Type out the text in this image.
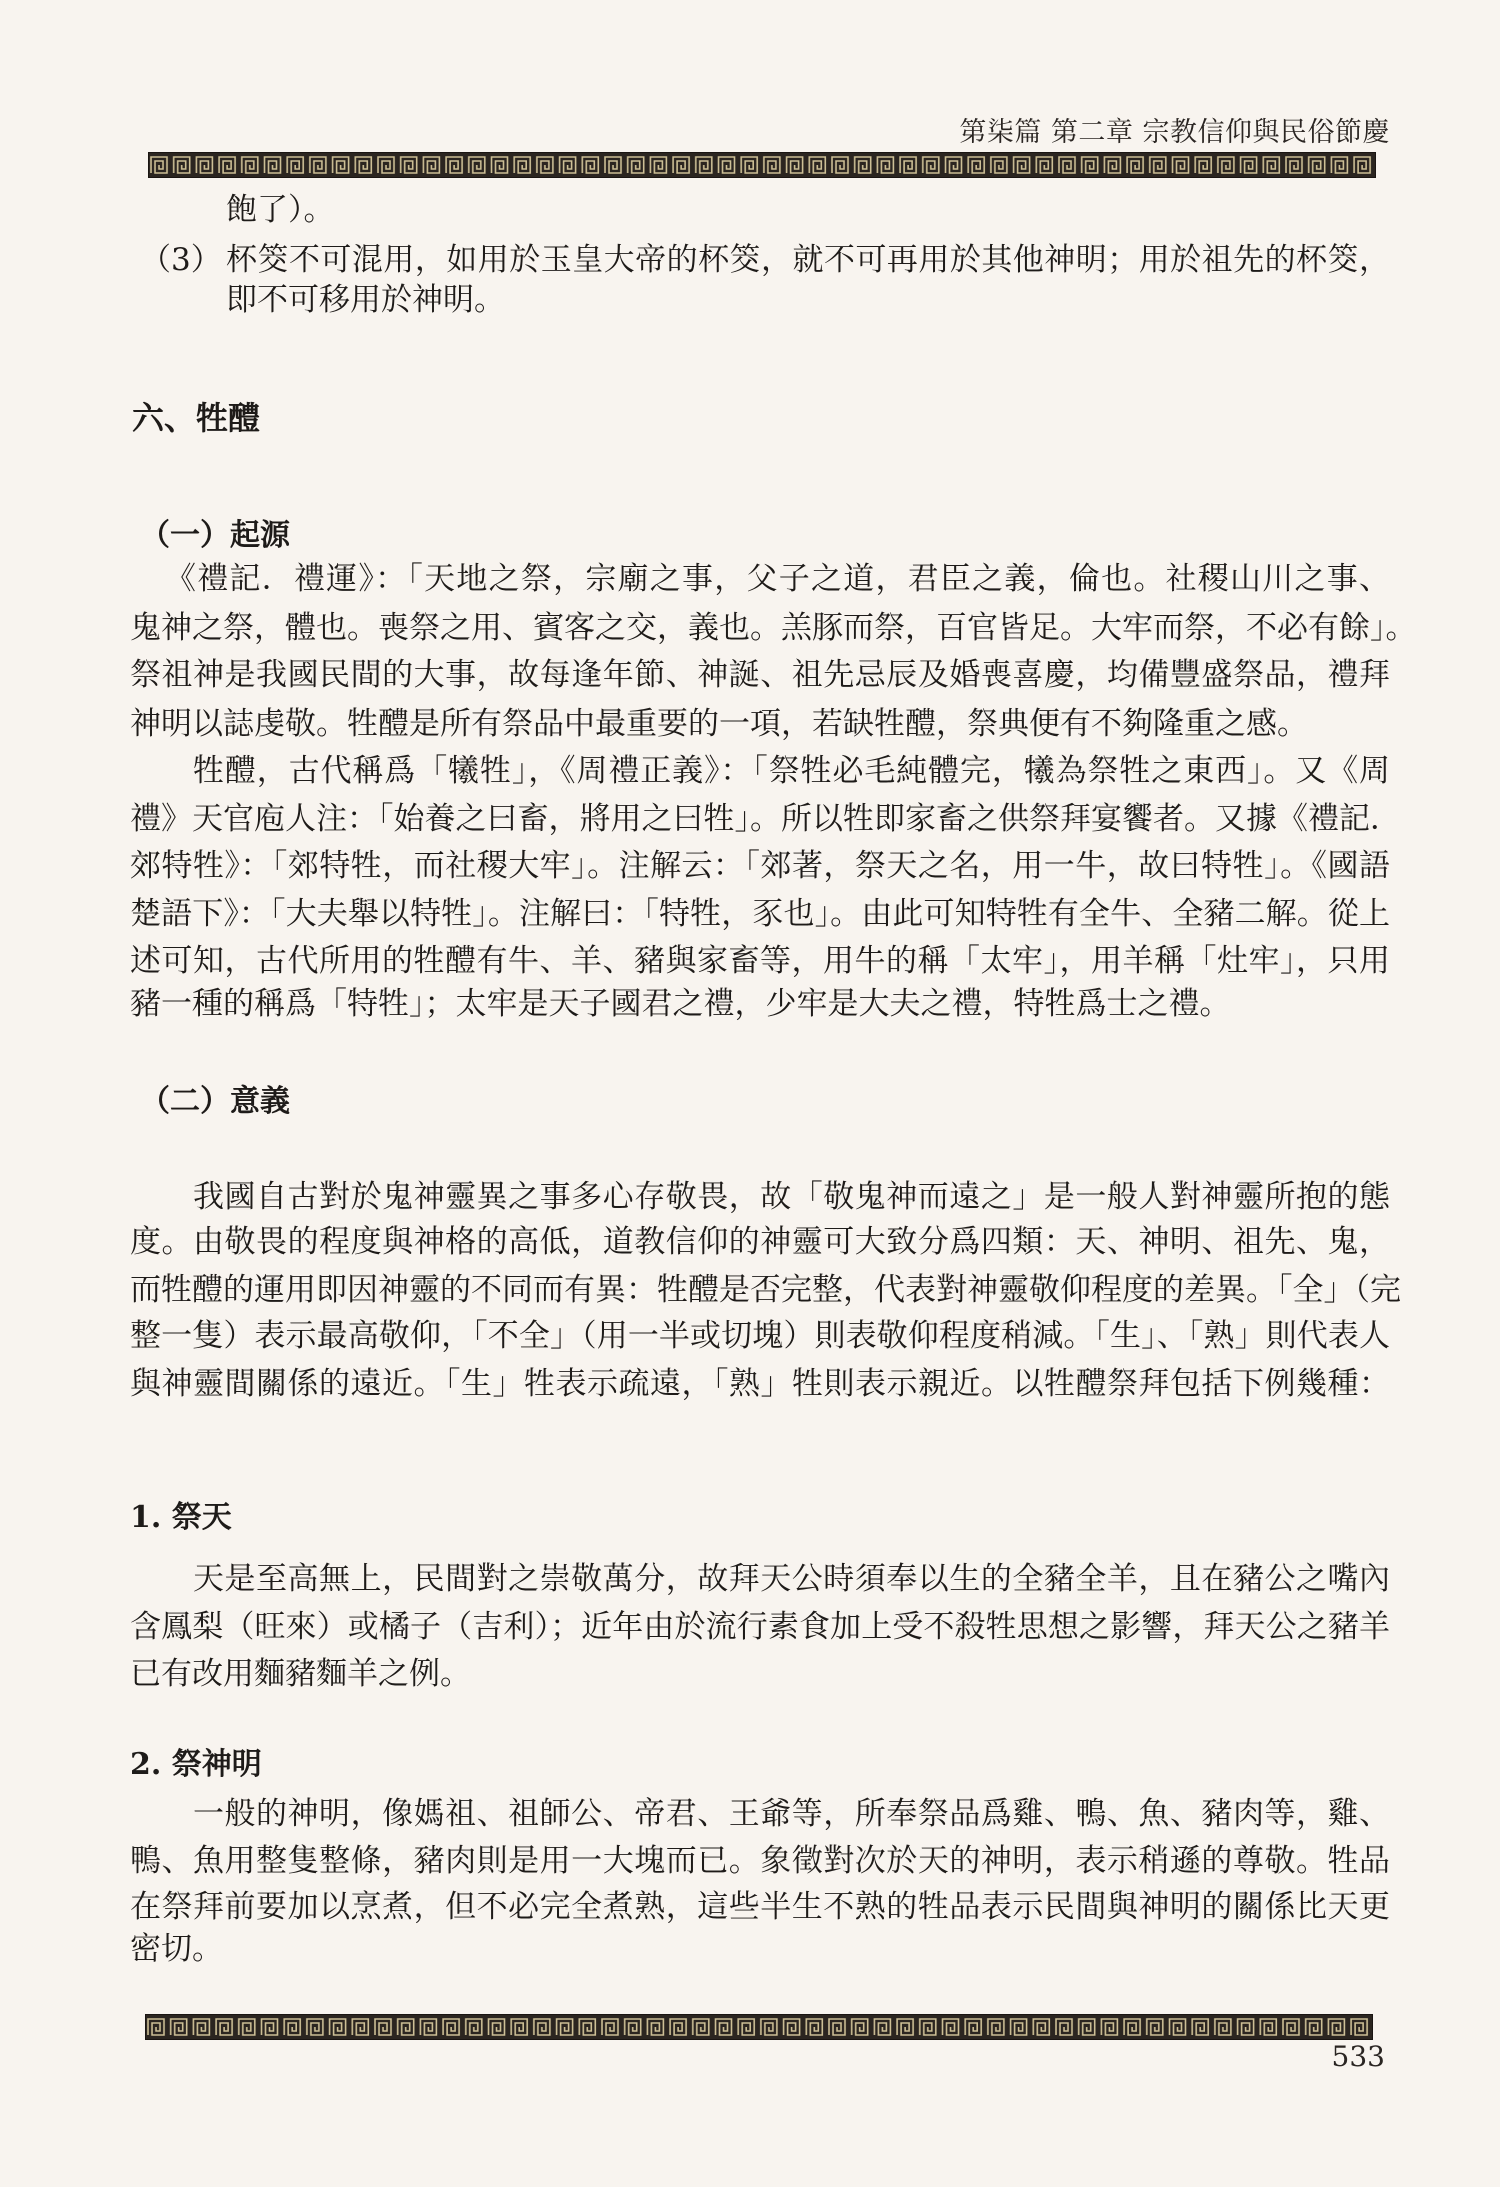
第柒篇 第二章 宗教信仰與民俗節慶
飽了）。
（3） 杯筊不可混用，如用於玉皇大帝的杯筊，就不可再用於其他神明；用於祖先的杯筊，
即不可移用於神明。
六、牲醴
（一）起源
《禮記．禮運》：「天地之祭，宗廟之事，父子之道，君臣之義，倫也。社稷山川之事、
鬼神之祭，體也。喪祭之用、賓客之交，義也。羔豚而祭，百官皆足。大牢而祭，不必有餘」。
祭祖神是我國民間的大事，故每逢年節、神誕、祖先忌辰及婚喪喜慶，均備豐盛祭品，禮拜
神明以誌虔敬。牲醴是所有祭品中最重要的一項，若缺牲醴，祭典便有不夠隆重之感。
牲醴，古代稱爲「犧牲」，《周禮正義》：「祭牲必毛純體完，犧為祭牲之東西」。又《周
禮》天官庖人注：「始養之曰畜，將用之曰牲」。所以牲即家畜之供祭拜宴饗者。又據《禮記．
郊特牲》：「郊特牲，而社稷大牢」。注解云：「郊著，祭天之名，用一牛，故曰特牲」。《國語
楚語下》：「大夫舉以特牲」。注解曰：「特牲，豕也」。由此可知特牲有全牛、全豬二解。從上
述可知，古代所用的牲醴有牛、羊、豬與家畜等，用牛的稱「太牢」，用羊稱「灶牢」，只用
豬一種的稱爲「特牲」；太牢是天子國君之禮，少牢是大夫之禮，特牲爲士之禮。
（二）意義
我國自古對於鬼神靈異之事多心存敬畏，故「敬鬼神而遠之」是一般人對神靈所抱的態
度。由敬畏的程度與神格的高低，道教信仰的神靈可大致分爲四類：天、神明、祖先、鬼，
而牲醴的運用即因神靈的不同而有異：牲醴是否完整，代表對神靈敬仰程度的差異。「全」（完
整一隻）表示最高敬仰，「不全」（用一半或切塊）則表敬仰程度稍減。「生」、「熟」則代表人
與神靈間關係的遠近。「生」牲表示疏遠，「熟」牲則表示親近。以牲醴祭拜包括下例幾種：
1. 祭天
天是至高無上，民間對之崇敬萬分，故拜天公時須奉以生的全豬全羊，且在豬公之嘴內
含鳳梨（旺來）或橘子（吉利）；近年由於流行素食加上受不殺牲思想之影響，拜天公之豬羊
已有改用麵豬麵羊之例。
2. 祭神明
一般的神明，像媽祖、祖師公、帝君、王爺等，所奉祭品爲雞、鴨、魚、豬肉等，雞、
鴨、魚用整隻整條，豬肉則是用一大塊而已。象徵對次於天的神明，表示稍遜的尊敬。牲品
在祭拜前要加以烹煮，但不必完全煮熟，這些半生不熟的牲品表示民間與神明的關係比天更
密切。
533
